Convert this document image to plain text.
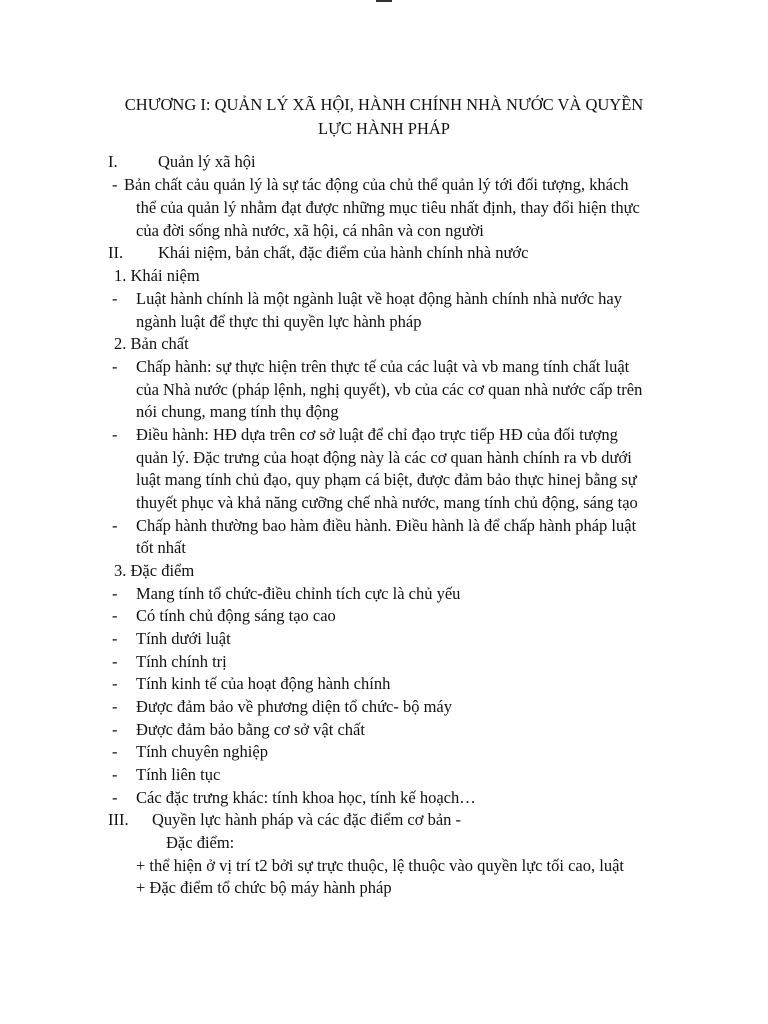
CHƯƠNG I: QUẢN LÝ XÃ HỘI, HÀNH CHÍNH NHÀ NƯỚC VÀ QUYỀN
LỰC HÀNH PHÁP
I. Quản lý xã hội
- Bản chất cảu quản lý là sự tác động của chủ thể quản lý tới đối tượng, khách
thể của quản lý nhằm đạt được những mục tiêu nhất định, thay đổi hiện thực
của đời sống nhà nước, xã hội, cá nhân và con người
II. Khái niệm, bản chất, đặc điểm của hành chính nhà nước
1. Khái niệm
- Luật hành chính là một ngành luật về hoạt động hành chính nhà nước hay
ngành luật để thực thi quyền lực hành pháp
2. Bản chất
- Chấp hành: sự thực hiện trên thực tế của các luật và vb mang tính chất luật
của Nhà nước (pháp lệnh, nghị quyết), vb của các cơ quan nhà nước cấp trên
nói chung, mang tính thụ động
- Điều hành: HĐ dựa trên cơ sở luật để chỉ đạo trực tiếp HĐ của đối tượng
quản lý. Đặc trưng của hoạt động này là các cơ quan hành chính ra vb dưới
luật mang tính chủ đạo, quy phạm cá biệt, được đảm bảo thực hinej bằng sự
thuyết phục và khả năng cưỡng chế nhà nước, mang tính chủ động, sáng tạo
- Chấp hành thường bao hàm điều hành. Điều hành là để chấp hành pháp luật
tốt nhất
3. Đặc điểm
- Mang tính tổ chức-điều chỉnh tích cực là chủ yếu
- Có tính chủ động sáng tạo cao
- Tính dưới luật
- Tính chính trị
- Tính kinh tế của hoạt động hành chính
- Được đảm bảo về phương diện tổ chức- bộ máy
- Được đảm bảo bằng cơ sở vật chất
- Tính chuyên nghiệp
- Tính liên tục
- Các đặc trưng khác: tính khoa học, tính kế hoạch…
III. Quyền lực hành pháp và các đặc điểm cơ bản -
Đặc điểm:
+ thể hiện ở vị trí t2 bởi sự trực thuộc, lệ thuộc vào quyền lực tối cao, luật
+ Đặc điểm tổ chức bộ máy hành pháp
